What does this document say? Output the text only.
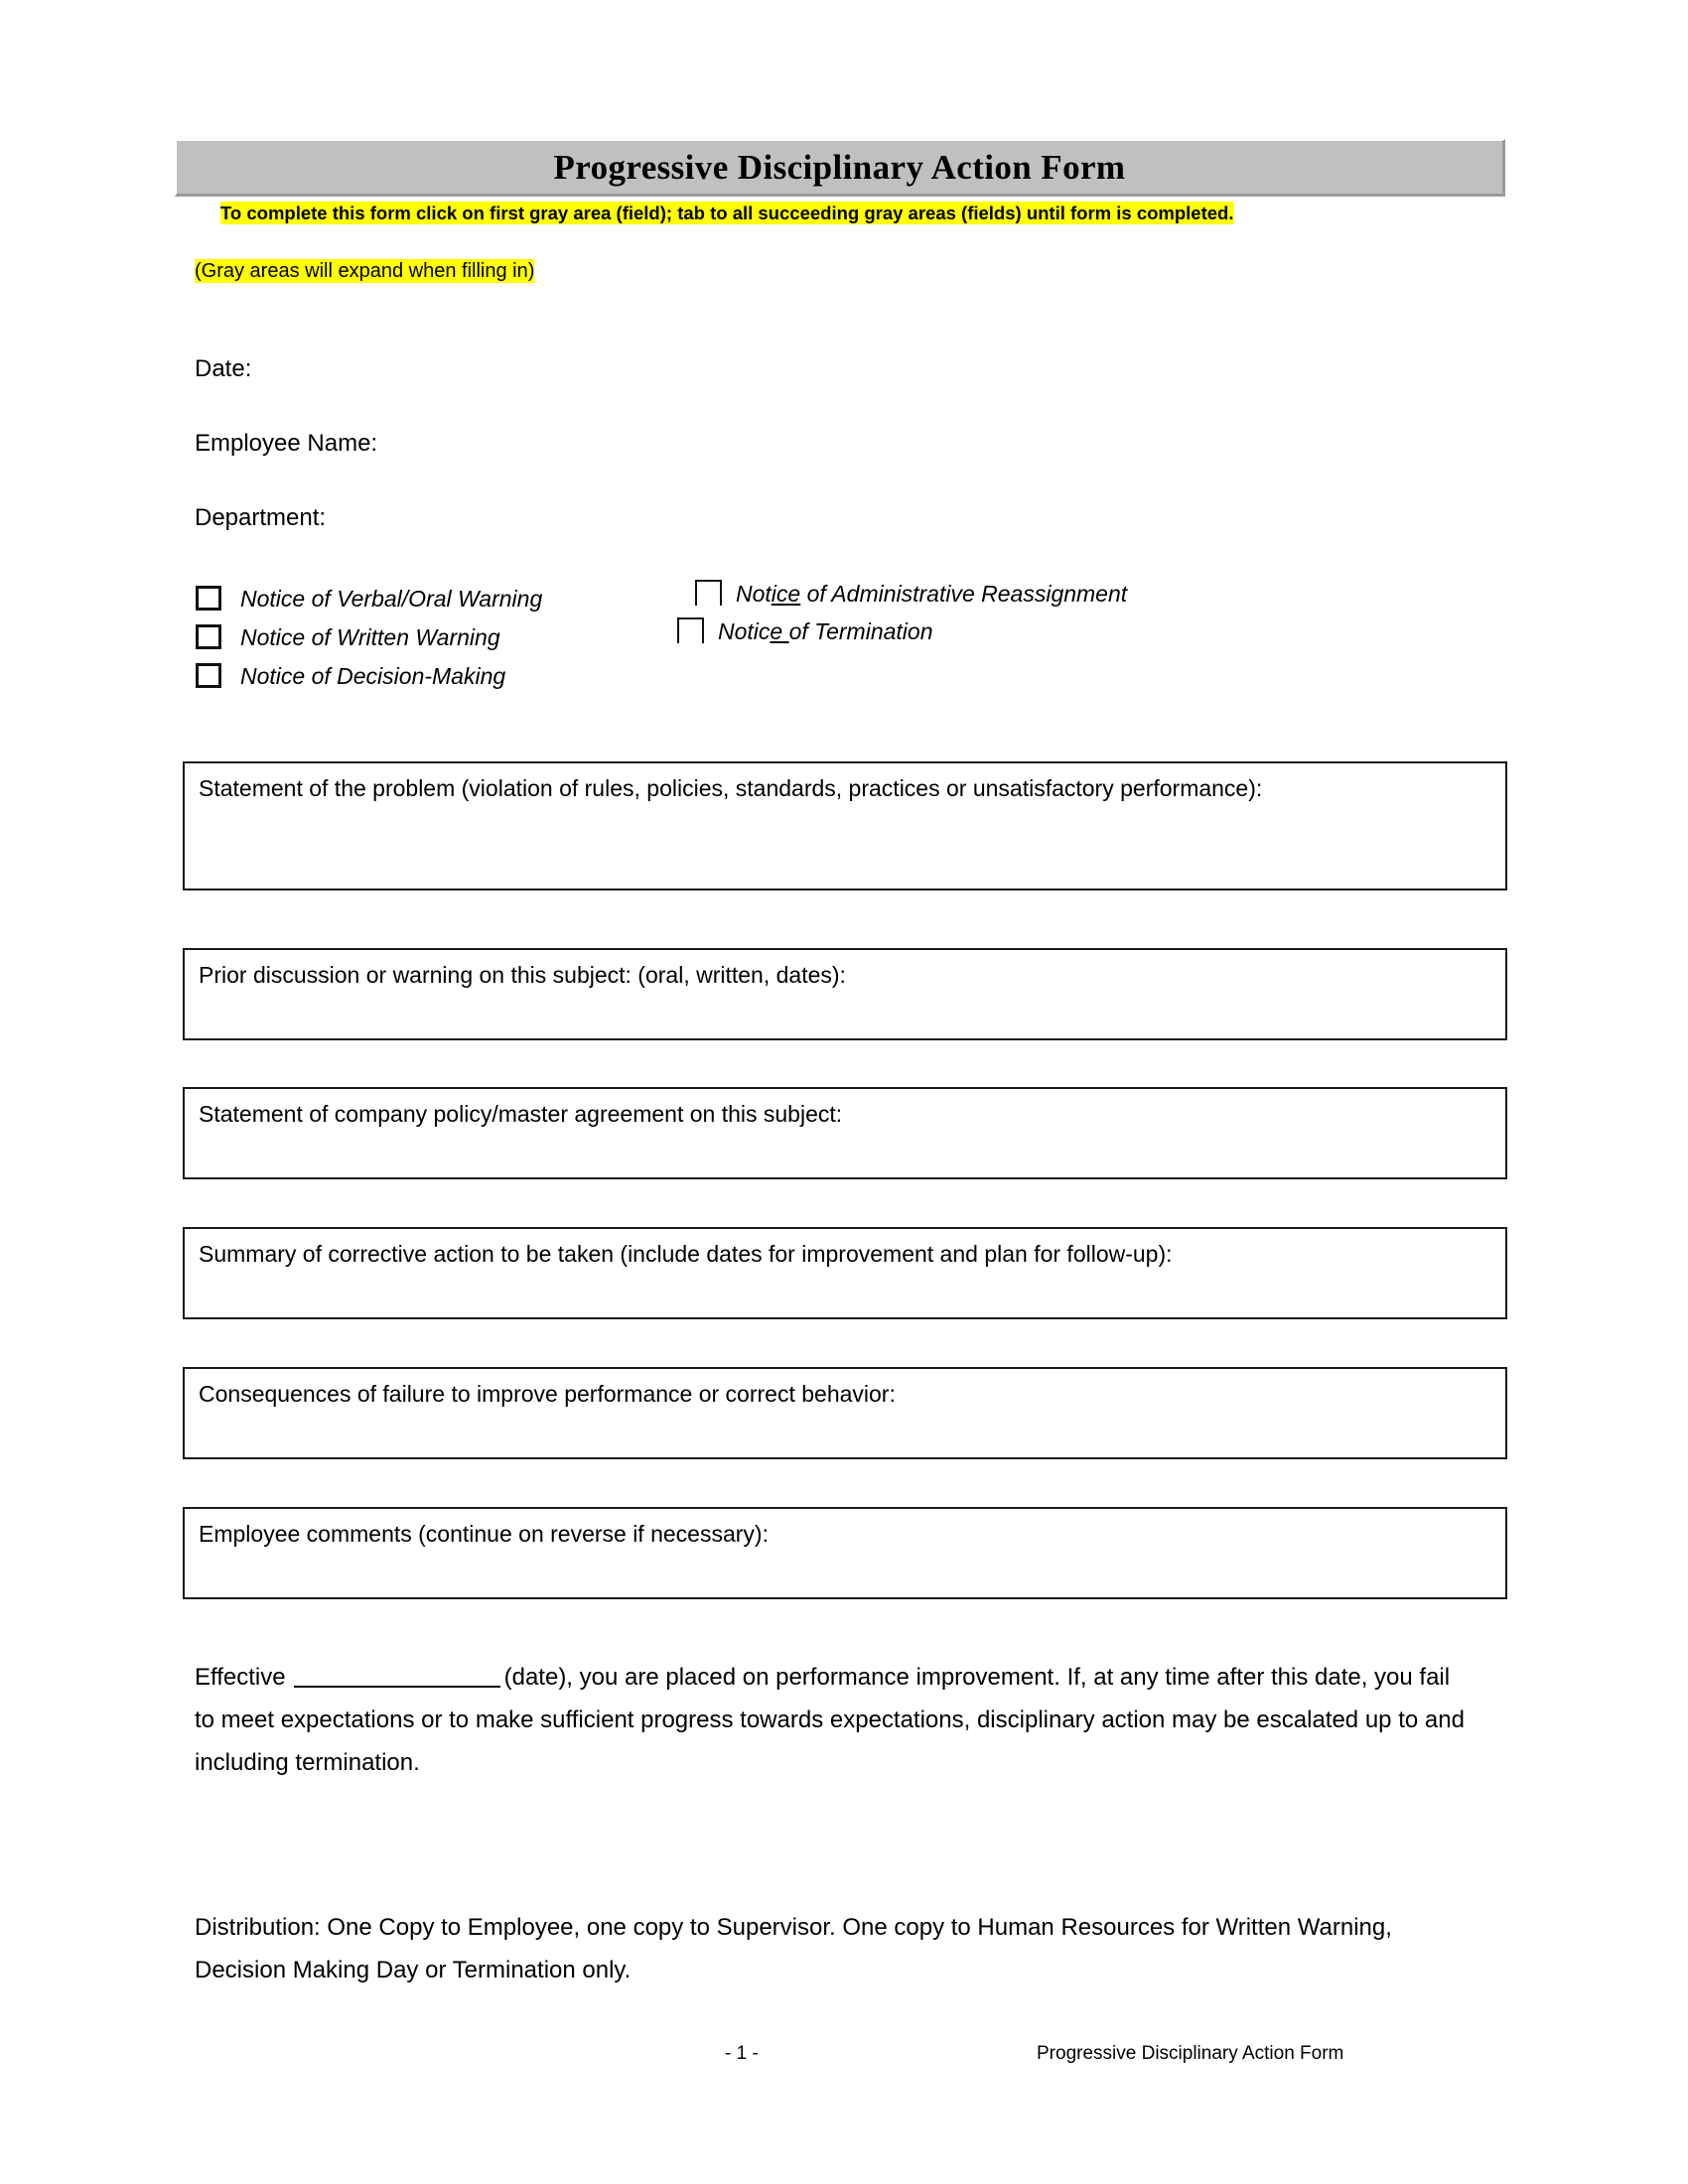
Progressive Disciplinary Action Form
To complete this form click on first gray area (field); tab to all succeeding gray areas (fields) until form is completed.
(Gray areas will expand when filling in)
Date:
Employee Name:
Department:
Notice of Verbal/Oral Warning
Notice of Written Warning
Notice of Decision-Making
Notice of Administrative Reassignment
Notice of Termination
Statement of the problem (violation of rules, policies, standards, practices or unsatisfactory performance):
Prior discussion or warning on this subject: (oral, written, dates):
Statement of company policy/master agreement on this subject:
Summary of corrective action to be taken (include dates for improvement and plan for follow-up):
Consequences of failure to improve performance or correct behavior:
Employee comments (continue on reverse if necessary):
Effective	(date), you are placed on performance improvement. If, at any time after this date, you fail to meet expectations or to make sufficient progress towards expectations, disciplinary action may be escalated up to and including termination.
Distribution: One Copy to Employee, one copy to Supervisor. One copy to Human Resources for Written Warning, Decision Making Day or Termination only.
- 1 -	Progressive Disciplinary Action Form
